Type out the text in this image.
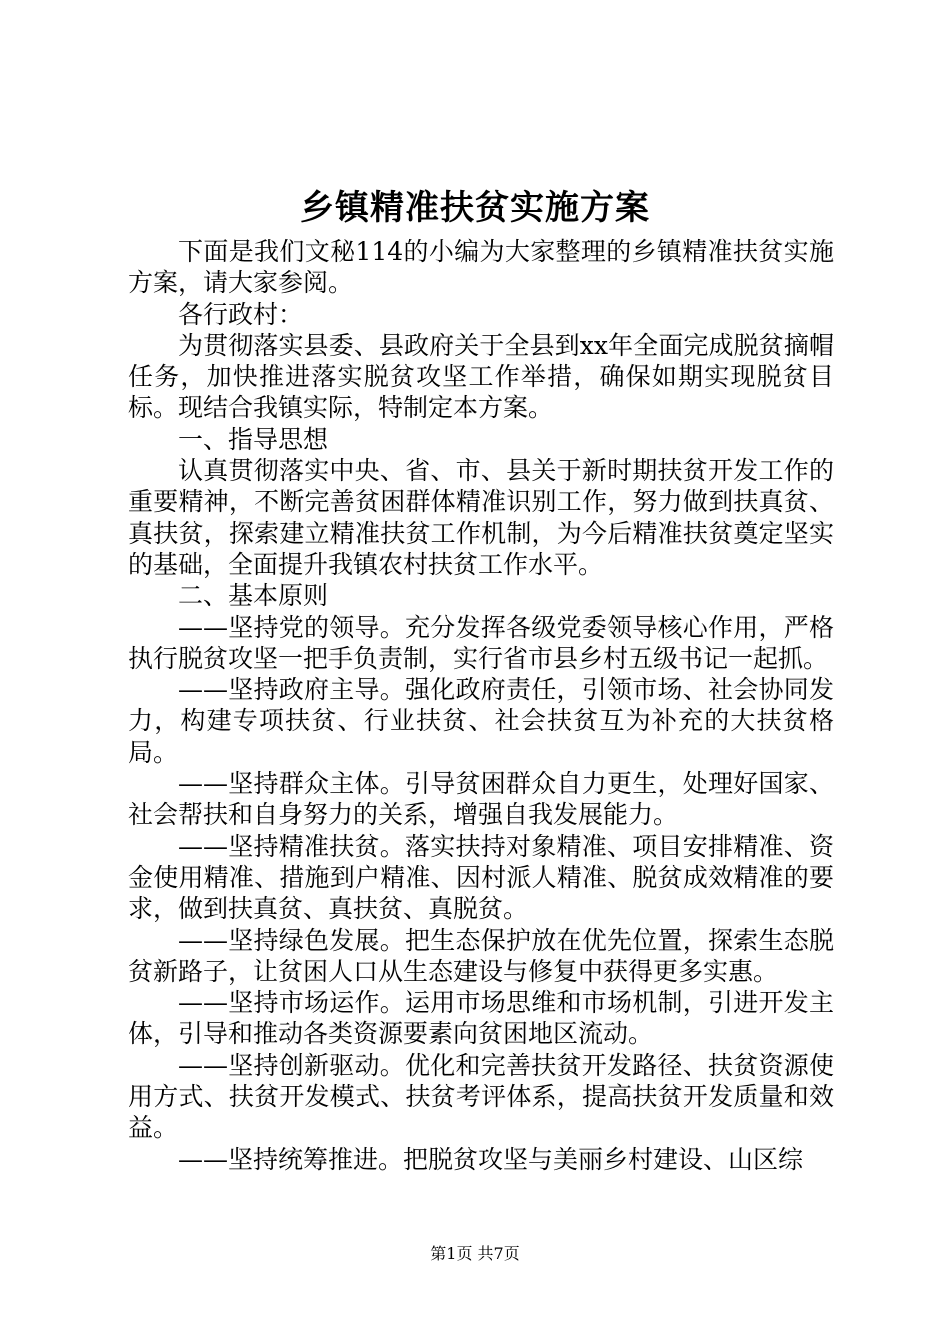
乡镇精准扶贫实施方案

下面是我们文秘114的小编为大家整理的乡镇精准扶贫实施方案，请大家参阅。

各行政村：

为贯彻落实县委、县政府关于全县到xx年全面完成脱贫摘帽任务，加快推进落实脱贫攻坚工作举措，确保如期实现脱贫目标。现结合我镇实际，特制定本方案。

一、指导思想

认真贯彻落实中央、省、市、县关于新时期扶贫开发工作的重要精神，不断完善贫困群体精准识别工作，努力做到扶真贫、真扶贫，探索建立精准扶贫工作机制，为今后精准扶贫奠定坚实的基础，全面提升我镇农村扶贫工作水平。

二、基本原则

——坚持党的领导。充分发挥各级党委领导核心作用，严格执行脱贫攻坚一把手负责制，实行省市县乡村五级书记一起抓。

——坚持政府主导。强化政府责任，引领市场、社会协同发力，构建专项扶贫、行业扶贫、社会扶贫互为补充的大扶贫格局。

——坚持群众主体。引导贫困群众自力更生，处理好国家、社会帮扶和自身努力的关系，增强自我发展能力。

——坚持精准扶贫。落实扶持对象精准、项目安排精准、资金使用精准、措施到户精准、因村派人精准、脱贫成效精准的要求，做到扶真贫、真扶贫、真脱贫。

——坚持绿色发展。把生态保护放在优先位置，探索生态脱贫新路子，让贫困人口从生态建设与修复中获得更多实惠。

——坚持市场运作。运用市场思维和市场机制，引进开发主体，引导和推动各类资源要素向贫困地区流动。

——坚持创新驱动。优化和完善扶贫开发路径、扶贫资源使用方式、扶贫开发模式、扶贫考评体系，提高扶贫开发质量和效益。

——坚持统筹推进。把脱贫攻坚与美丽乡村建设、山区综

第1页 共7页
